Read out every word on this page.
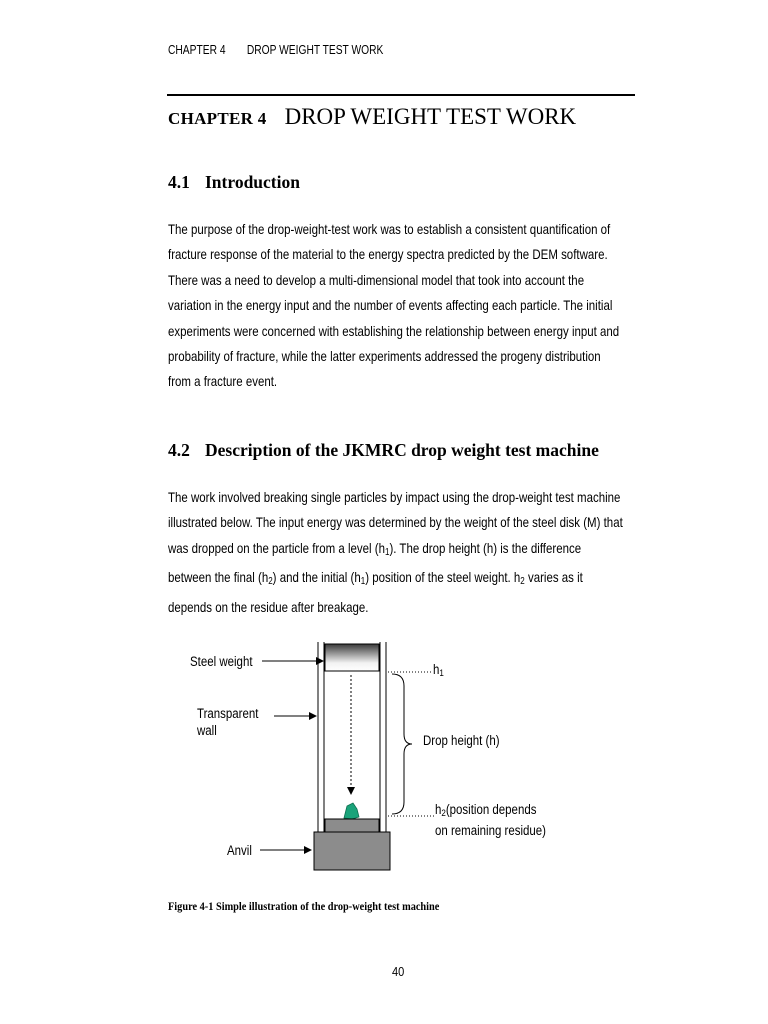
CHAPTER 4 DROP WEIGHT TEST WORK
CHAPTER 4 DROP WEIGHT TEST WORK
4.1 Introduction
The purpose of the drop-weight-test work was to establish a consistent quantification of fracture response of the material to the energy spectra predicted by the DEM software. There was a need to develop a multi-dimensional model that took into account the variation in the energy input and the number of events affecting each particle. The initial experiments were concerned with establishing the relationship between energy input and probability of fracture, while the latter experiments addressed the progeny distribution from a fracture event.
4.2 Description of the JKMRC drop weight test machine
The work involved breaking single particles by impact using the drop-weight test machine illustrated below. The input energy was determined by the weight of the steel disk (M) that was dropped on the particle from a level $(h_1)$. The drop height (h) is the difference between the final $(h_2)$ and the initial $(h_1)$ position of the steel weight. $h_2$ varies as it depends on the residue after breakage.
Steel weight
Transparent
wall
Anvil
$h_1$
Drop height (h)
$h_2(position$ depends
on remaining residue)
Figure 4-1 Simple illustration of the drop-weight test machine
40
